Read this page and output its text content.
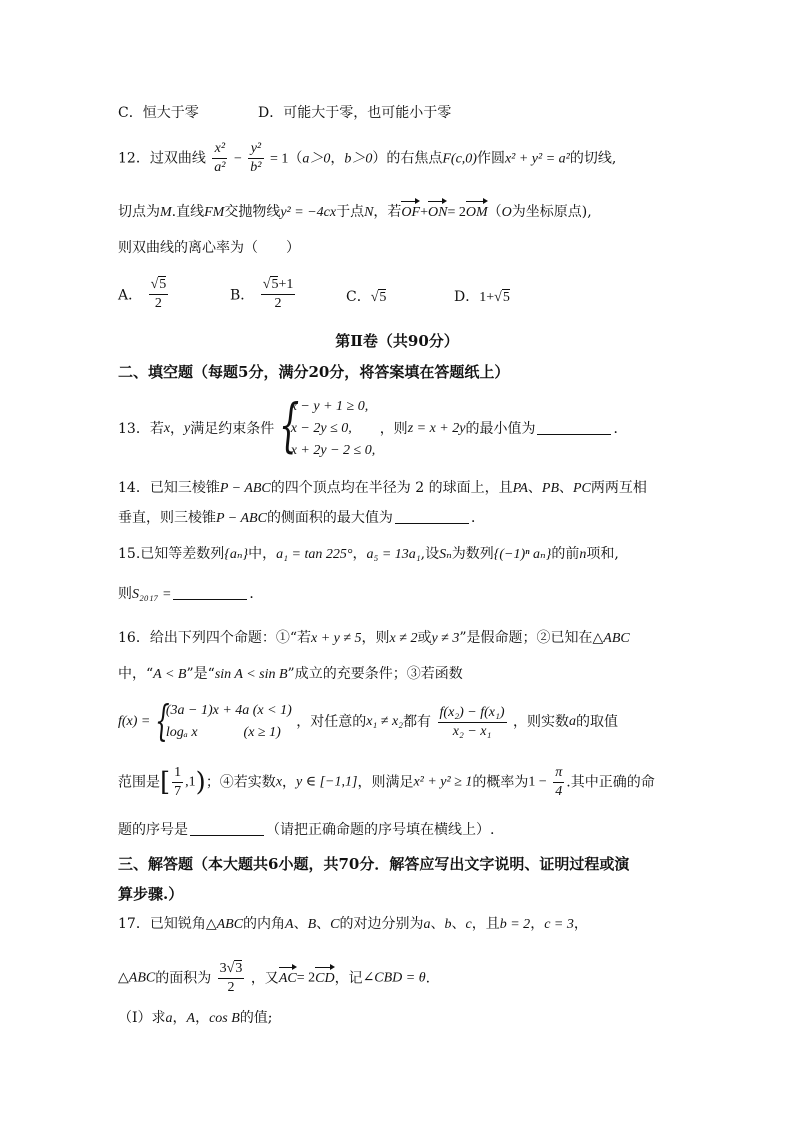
C．恒大于零	D．可能大于零，也可能小于零
12．过双曲线 $\frac{\text{x²}}{\text{a²}} - \frac{\text{y²}}{\text{b²}} = 1(a>0$，b＞0）的右焦点F(c,0)作圆x² + y² = a²的切线,
切点为M.直线FM交抛物线y² = −4cx于点N，若OF+ON= 2OM（O为坐标原点),
则双曲线的离心率为（　　）
A． $\frac{√5}{2}$	B． $\frac{√5+1}{2}$	C．√5	D．1+√5
第Ⅱ卷（共90分）
二、填空题（每题5分，满分20分，将答案填在答题纸上）
13．若x，y满足约束条件 {
x − y + 1 ≥ 0,
x − 2y ≤ 0,
x + 2y − 2 ≤ 0,
，则z = x + 2y的最小值为	．
14．已知三棱锥P − ABC的四个顶点均在半径为 2 的球面上，且PA、PB、PC两两互相
垂直，则三棱锥P − ABC的侧面积的最大值为	．
15.已知等差数列{aₙ}中，a₁ = tan 225°，a₅ = 13a₁,设Sₙ为数列{(−1)ⁿ aₙ}的前n项和,
则S₂₀₁₇ =	．
16．给出下列四个命题：①“若x + y ≠ 5，则x ≠ 2或y ≠ 3”是假命题；②已知在△ABC
中，“A < B”是“sin A < sin B”成立的充要条件；③若函数
f(x) = {
(3a − 1)x + 4a (x < 1)
logₐ x	(x ≥ 1)
，对任意的x₁ ≠ x₂都有 $\frac{\text{f(x₂) − f(x₁)}}{\text{x₂ − x₁}}$ ，则实数a的取值
范围是[ $\frac{1}{7} ,1$)；④若实数x，y ∈ [−1,1]，则满足x² + y² ≥ 1的概率为$1 - \frac{\pi}{4}$ .其中正确的命
题的序号是	（请把正确命题的序号填在横线上）.
三、解答题（本大题共6小题，共70分．解答应写出文字说明、证明过程或演
算步骤.）
17．已知锐角△ABC的内角A、B、C的对边分别为a、b、c，且b = 2，c = 3，
△ABC的面积为 $\frac{3√3}{2}$ ，又AC= 2CD，记∠CBD = θ.
（Ⅰ）求a，A，cos B的值;
